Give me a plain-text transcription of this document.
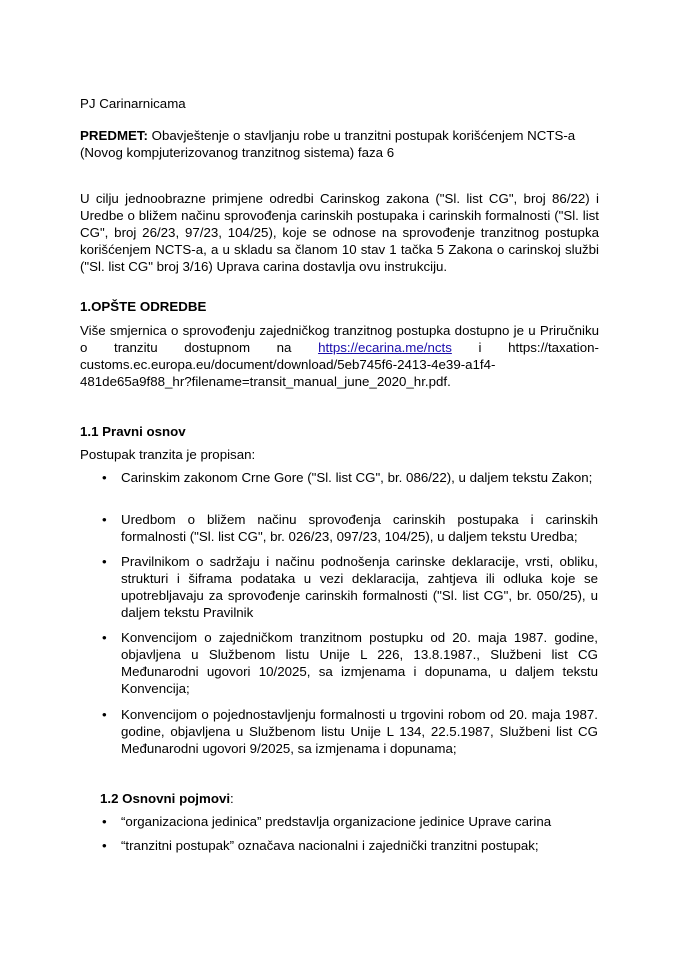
PJ Carinarnicama
PREDMET: Obavještenje o stavljanju robe u tranzitni postupak korišćenjem NCTS-a (Novog kompjuterizovanog tranzitnog sistema) faza 6
U cilju jednoobrazne primjene odredbi Carinskog zakona ("Sl. list CG", broj 86/22) i Uredbe o bližem načinu sprovođenja carinskih postupaka i carinskih formalnosti ("Sl. list CG", broj 26/23, 97/23, 104/25), koje se odnose na sprovođenje tranzitnog postupka korišćenjem NCTS-a, a u skladu sa članom 10 stav 1 tačka 5 Zakona o carinskoj službi ("Sl. list CG" broj 3/16) Uprava carina dostavlja ovu instrukciju.
1.OPŠTE ODREDBE
Više smjernica o sprovođenju zajedničkog tranzitnog postupka dostupno je u Priručniku o tranzitu dostupnom na https://ecarina.me/ncts i https://taxation-customs.ec.europa.eu/document/download/5eb745f6-2413-4e39-a1f4-481de65a9f88_hr?filename=transit_manual_june_2020_hr.pdf.
1.1 Pravni osnov
Postupak tranzita je propisan:
• Carinskim zakonom Crne Gore ("Sl. list CG", br. 086/22), u daljem tekstu Zakon;
• Uredbom o bližem načinu sprovođenja carinskih postupaka i carinskih formalnosti ("Sl. list CG", br. 026/23, 097/23, 104/25), u daljem tekstu Uredba;
• Pravilnikom o sadržaju i načinu podnošenja carinske deklaracije, vrsti, obliku, strukturi i šiframa podataka u vezi deklaracija, zahtjeva ili odluka koje se upotrebljavaju za sprovođenje carinskih formalnosti ("Sl. list CG", br. 050/25), u daljem tekstu Pravilnik
• Konvencijom o zajedničkom tranzitnom postupku od 20. maja 1987. godine, objavljena u Službenom listu Unije L 226, 13.8.1987., Službeni list CG Međunarodni ugovori 10/2025, sa izmjenama i dopunama, u daljem tekstu Konvencija;
• Konvencijom o pojednostavljenju formalnosti u trgovini robom od 20. maja 1987. godine, objavljena u Službenom listu Unije L 134, 22.5.1987, Službeni list CG Međunarodni ugovori 9/2025, sa izmjenama i dopunama;
1.2 Osnovni pojmovi:
• “organizaciona jedinica” predstavlja organizacione jedinice Uprave carina
• “tranzitni postupak” označava nacionalni i zajednički tranzitni postupak;
